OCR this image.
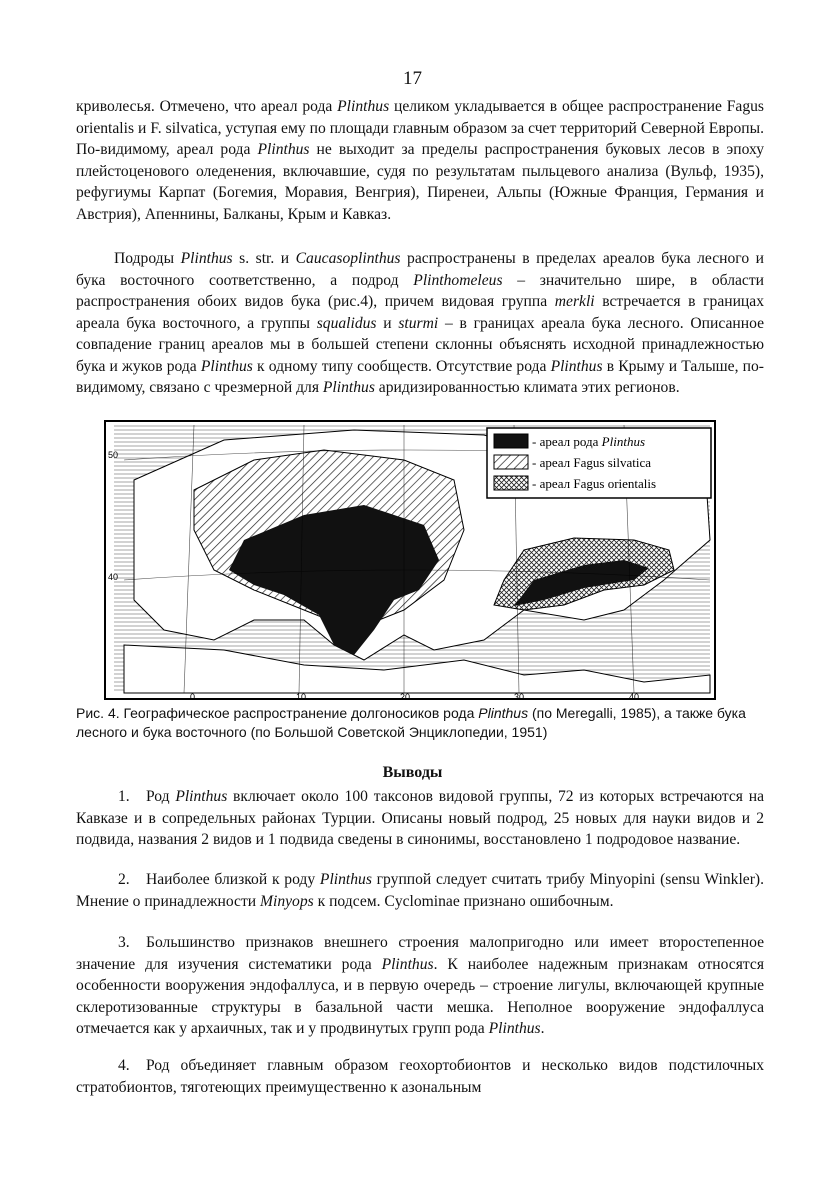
17

криволесья. Отмечено, что ареал рода Plinthus целиком укладывается в общее распространение Fagus orientalis и F. silvatica, уступая ему по площади главным образом за счет территорий Северной Европы. По-видимому, ареал рода Plinthus не выходит за пределы распространения буковых лесов в эпоху плейстоценового оледенения, включавшие, судя по результатам пыльцевого анализа (Вульф, 1935), рефугиумы Карпат (Богемия, Моравия, Венгрия), Пиренеи, Альпы (Южные Франция, Германия и Австрия), Апеннины, Балканы, Крым и Кавказ.

Подроды Plinthus s. str. и Caucasoplinthus распространены в пределах ареалов бука лесного и бука восточного соответственно, а подрод Plinthomeleus – значительно шире, в области распространения обоих видов бука (рис.4), причем видовая группа merkli встречается в границах ареала бука восточного, а группы squalidus и sturmi – в границах ареала бука лесного. Описанное совпадение границ ареалов мы в большей степени склонны объяснять исходной принадлежностью бука и жуков рода Plinthus к одному типу сообществ. Отсутствие рода Plinthus в Крыму и Талыше, по-видимому, связано с чрезмерной для Plinthus аридизированностью климата этих регионов.

50
40
0	10	20	30	40
- ареал рода Plinthus
- ареал Fagus silvatica
- ареал Fagus orientalis

Рис. 4. Географическое распространение долгоносиков рода Plinthus (по Meregalli, 1985), а также бука лесного и бука восточного (по Большой Советской Энциклопедии, 1951)

Выводы

1. Род Plinthus включает около 100 таксонов видовой группы, 72 из которых встречаются на Кавказе и в сопредельных районах Турции. Описаны новый подрод, 25 новых для науки видов и 2 подвида, названия 2 видов и 1 подвида сведены в синонимы, восстановлено 1 подродовое название.

2. Наиболее близкой к роду Plinthus группой следует считать трибу Minyopini (sensu Winkler). Мнение о принадлежности Minyops к подсем. Cyclominae признано ошибочным.

3. Большинство признаков внешнего строения малопригодно или имеет второстепенное значение для изучения систематики рода Plinthus. К наиболее надежным признакам относятся особенности вооружения эндофаллуса, и в первую очередь – строение лигулы, включающей крупные склеротизованные структуры в базальной части мешка. Неполное вооружение эндофаллуса отмечается как у архаичных, так и у продвинутых групп рода Plinthus.

4. Род объединяет главным образом геохортобионтов и несколько видов подстилочных стратобионтов, тяготеющих преимущественно к азональным
